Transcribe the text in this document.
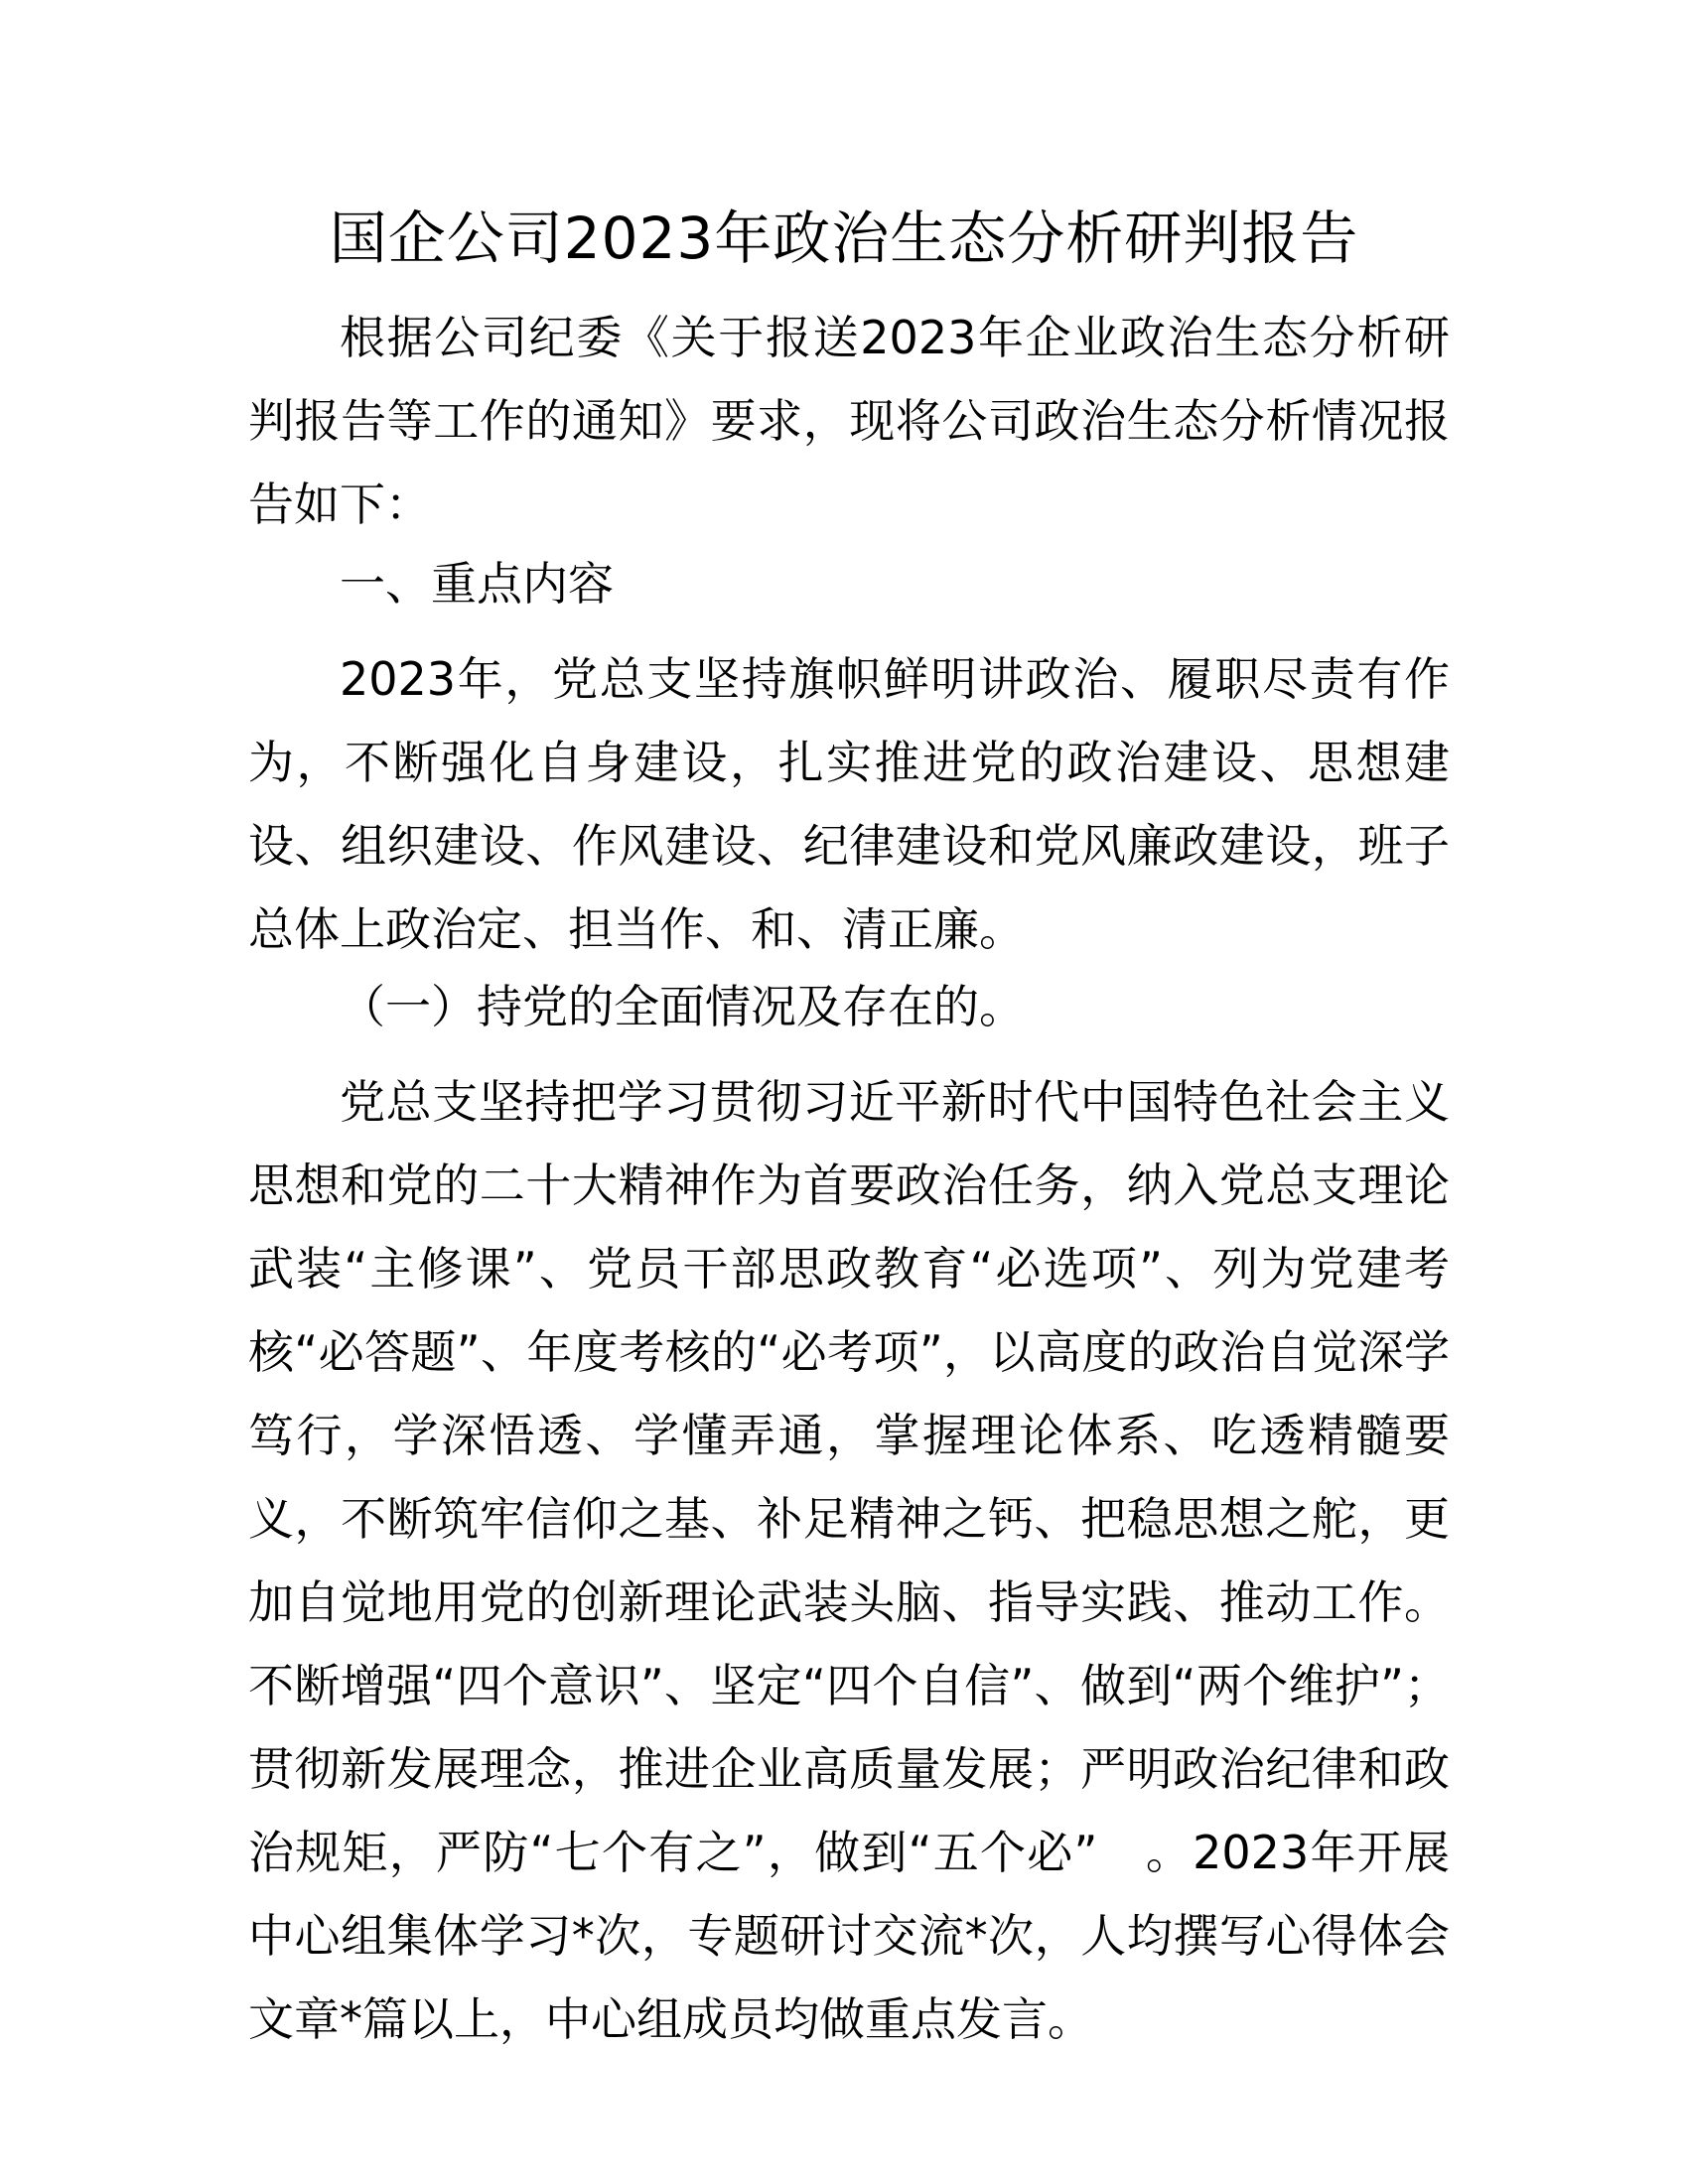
国企公司2023年政治生态分析研判报告

根据公司纪委《关于报送2023年企业政治生态分析研判报告等工作的通知》要求，现将公司政治生态分析情况报告如下：

一、重点内容

2023年，党总支坚持旗帜鲜明讲政治、履职尽责有作为，不断强化自身建设，扎实推进党的政治建设、思想建设、组织建设、作风建设、纪律建设和党风廉政建设，班子总体上政治定、担当作、和、清正廉。

（一）持党的全面情况及存在的。

党总支坚持把学习贯彻习近平新时代中国特色社会主义思想和党的二十大精神作为首要政治任务，纳入党总支理论武装“主修课”、党员干部思政教育“必选项”、列为党建考核“必答题”、年度考核的“必考项”，以高度的政治自觉深学笃行，学深悟透、学懂弄通，掌握理论体系、吃透精髓要义，不断筑牢信仰之基、补足精神之钙、把稳思想之舵，更加自觉地用党的创新理论武装头脑、指导实践、推动工作。不断增强“四个意识”、坚定“四个自信”、做到“两个维护”；贯彻新发展理念，推进企业高质量发展；严明政治纪律和政治规矩，严防“七个有之”，做到“五个必”　。2023年开展中心组集体学习*次，专题研讨交流*次，人均撰写心得体会文章*篇以上，中心组成员均做重点发言。
